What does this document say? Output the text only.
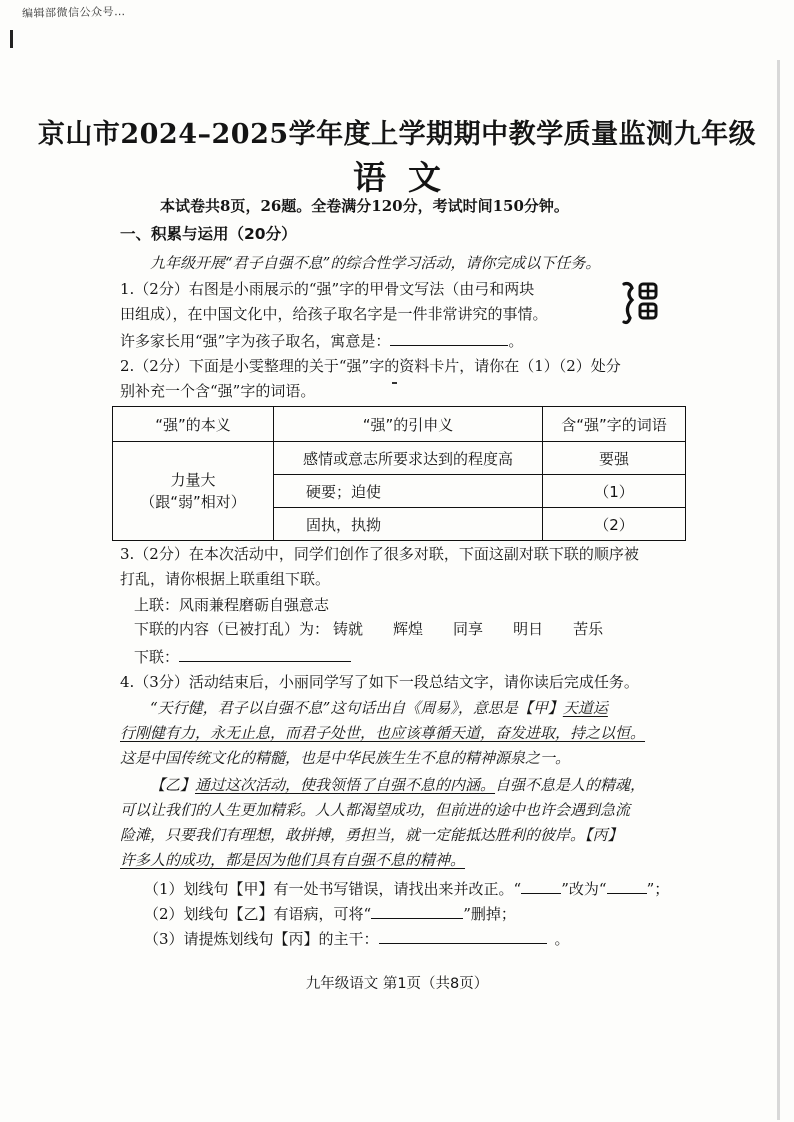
编辑部微信公众号…
京山市2024–2025学年度上学期期中教学质量监测九年级
语文
本试卷共8页，26题。全卷满分120分，考试时间150分钟。
一、积累与运用（20分）
九年级开展“君子自强不息”的综合性学习活动，请你完成以下任务。
1.（2分）右图是小雨展示的“强”字的甲骨文写法（由弓和两块
田组成），在中国文化中，给孩子取名字是一件非常讲究的事情。
许多家长用“强”字为孩子取名，寓意是：	。
2.（2分）下面是小雯整理的关于“强”字的资料卡片，请你在（1）（2）处分
别补充一个含“强”字的词语。
“强”的本义	“强”的引申义	含“强”字的词语

力量大
（跟“弱”相对）	感情或意志所要求达到的程度高	要强
	硬要；迫使	（1）
	固执，执拗	（2）
3.（2分）在本次活动中，同学们创作了很多对联，下面这副对联下联的顺序被
打乱，请你根据上联重组下联。
上联：风雨兼程磨砺自强意志
下联的内容（已被打乱）为： 铸就 辉煌 同享 明日 苦乐
下联：
4.（3分）活动结束后，小丽同学写了如下一段总结文字，请你读后完成任务。
“天行健，君子以自强不息”这句话出自《周易》，意思是【甲】天道运
行刚健有力，永无止息，而君子处世，也应该尊循天道，奋发进取，持之以恒。
这是中国传统文化的精髓，也是中华民族生生不息的精神源泉之一。
【乙】通过这次活动，使我领悟了自强不息的内涵。自强不息是人的精魂，
可以让我们的人生更加精彩。人人都渴望成功，但前进的途中也许会遇到急流
险滩，只要我们有理想，敢拼搏，勇担当，就一定能抵达胜利的彼岸。【丙】
许多人的成功，都是因为他们具有自强不息的精神。
（1）划线句【甲】有一处书写错误，请找出来并改正。“	”改为“	”；
（2）划线句【乙】有语病，可将“	”删掉；
（3）请提炼划线句【丙】的主干：	。
九年级语文 第1页（共8页）
